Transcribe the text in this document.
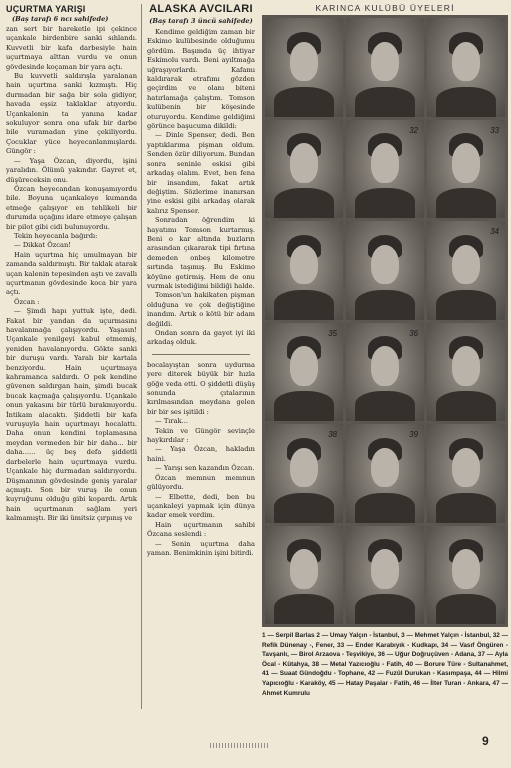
UÇURTMA YARIŞI
(Baş tarafı 6 ncı sahifede)

zan sert bir hareketle ipi çekince uçankale birdenbire sanki sıhlandı. Kuvvetli bir kafa darbesiyle hain uçurtmaya alttan vurdu ve onun gövdesinde koçaman bir yara açtı.

Bu kuvvetli saldırışla yaralanan hain uçurtma sanki kızmıştı. Hiç durmadan bir sağa bir sola gidiyor, havada eşsiz taklaklar atıyordu. Uçankalenin ta yanına kadar sokuluyor sonra ona ufak bir darbe bile vuramadan yine çekiliyordu. Çocuklar yüce heyecanlanmışlardı. Güngör :

— Yaşa Özcan, diyordu, işini yaralıdın. Ölümü yakındır. Gayret et, düşüreceksin onu.

Özcan heyecandan konuşamıyordu bile. Boyuna uçankaleye kumanda etmeğe çalışıyor en tehlikeli bir durumda uçağını idare etmeye çalışan bir pilot gibi cidi bulunuyordu.

Tekin heyecanla bağırdı:

— Dikkat Özcan!

Hain uçurtma hiç umulmayan bir zamanda saldırmıştı. Bir taklak atarak uçan kalenin tepesinden aştı ve zavallı uçurtmanın gövdesinde koca bir yara açtı.

Özcan :

— Şimdi hapı yuttuk işte, dedi. Fakat bir yandan da uçurmasını havalanmağa çalışıyordu. Yaşasın! Uçankale yenilgeyi kabul etmemiş, yeniden havalanıyordu. Gökte sanki bir duruşu vardı. Yaralı bir kartala benziyordu. Hain uçurtmaya kahramanca saldırdı. O pek kendine güvenen saldırgan hain, şimdi bucak bucak kaçmağa çalışıyordu. Uçankale onun yakasını bir türlü bırakmıyordu. İntikam alacaktı. Şiddetli bir kafa vuruşuyla hain uçurtmayı hocalattı. Daha onun kendini toplamasına meydan vermeden bir bir daha... bir daha...... üç beş defa şiddetli darbelerle hain uçurtmaya vurdu. Uçankale hiç durmadan saldırıyordu. Düşmanının gövdesinde geniş yaralar açmıştı. Son bir vuruş ile onun kuyruğunu olduğu gibi kopardı. Artık hain uçurtmanın sağlam yeri kalmamıştı. Bir iki ümitsiz çırpınış ve

ALASKA AVCILARI
(Baş tarafı 3 üncü sahifede)

Kendime geldiğim zaman bir Eskimo kulübesinde olduğumu gördüm. Başımda üç ihtiyar Eskimolu vardı. Beni ayıltmağa uğraşıyorlardı. Kafamı kaldırarak etrafımı gözden geçirdim ve olanı biteni hatırlamağa çalıştım. Tomson kulübenin bir köşesinde oturuyordu. Kendime geldiğimi görünce başucuma dikildi:

— Dinle Spenser, dedi. Ben yaptıklarıma pişman oldum. Senden özür diliyorum. Bundan sonra seninle eskisi gibi arkadaş olalım. Evet, ben fena bir insandım, fakat artık değiştim. Sözlerime inanırsan yine eskisi gibi arkadaş olarak kalırız Spenser.

Sonradan öğrendim ki hayatımı Tomson kurtarmış. Beni o kar altında buzların arasından çıkararak tipi fırtına demeden onbeş kilometre sırtında taşımış. Bu Eskimo köyüne getirmiş. Hem de onu vurmak istediğimi bildiği halde.

Tomson'un hakikaten pişman olduğuna ve çok değiştiğine inandım. Artık o kötü bir adam değildi.

Ondan sonra da gayet iyi iki arkadaş olduk.

bocalayıştan sonra uydurma yere diterek büyük bir hızla göğe veda etti. O şiddetli düşüş sonunda çıtalarının kırılmasından meydana gelen bir bir ses işitildi :

— Tırak...

Tekin ve Güngör sevinçle haykırdılar :

— Yaşa Özcan, hakladın haini.

— Yarışı sen kazandın Özcan.

Özcan memnun memnun gülüyordu.

— Elbette, dedi, ben bu uçankaleyi yapmak için dünya kadar emek verdim.

Hain uçurtmanın sahibi Özcana seslendi :

— Senin uçurtma daha yaman. Benimkinin işini bitirdi.

KARINCA KULÜBÜ ÜYELERİ
32	33
34
35	36
38	39
1 — Serpil Barlas 2 — Umay Yalçın - İstanbul, 3 — Mehmet Yalçın - İstanbul, 32 — Refik Dünenay -, Fener, 33 — Ender Karabıyık - Kudkapı, 34 — Vasıf Öngüren - Tavşanlı, — Birol Arzaova - Teşvikiye, 36 — Uğur Doğruçüven - Adana, 37 — Ayla Öcal - Kütahya, 38 — Metal Yazıcıoğlu - Fatih, 40 — Borure Türe - Sultanahmet, 41 — Suaat Gündoğdu - Tophane, 42 — Fuzül Durukan - Kasımpaşa, 44 — Hilmi Yapıcıoğlu - Karaköy, 45 — Hatay Paşalar - Fatih, 46 — İlter Turan - Ankara, 47 — Ahmet Kumrulu
9
